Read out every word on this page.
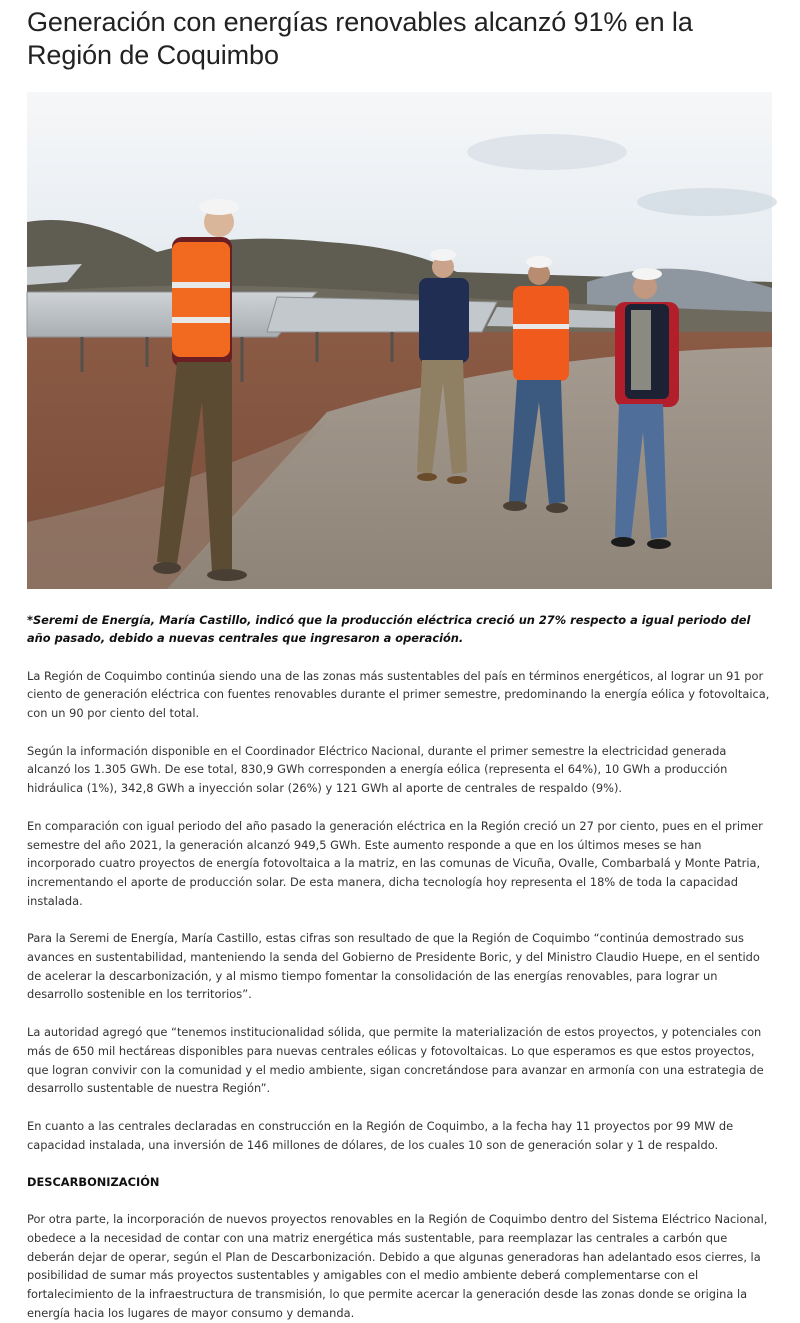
Generación con energías renovables alcanzó 91% en la Región de Coquimbo

*Seremi de Energía, María Castillo, indicó que la producción eléctrica creció un 27% respecto a igual periodo del año pasado, debido a nuevas centrales que ingresaron a operación.

La Región de Coquimbo continúa siendo una de las zonas más sustentables del país en términos energéticos, al lograr un 91 por ciento de generación eléctrica con fuentes renovables durante el primer semestre, predominando la energía eólica y fotovoltaica, con un 90 por ciento del total.

Según la información disponible en el Coordinador Eléctrico Nacional, durante el primer semestre la electricidad generada alcanzó los 1.305 GWh. De ese total, 830,9 GWh corresponden a energía eólica (representa el 64%), 10 GWh a producción hidráulica (1%), 342,8 GWh a inyección solar (26%) y 121 GWh al aporte de centrales de respaldo (9%).

En comparación con igual periodo del año pasado la generación eléctrica en la Región creció un 27 por ciento, pues en el primer semestre del año 2021, la generación alcanzó 949,5 GWh. Este aumento responde a que en los últimos meses se han incorporado cuatro proyectos de energía fotovoltaica a la matriz, en las comunas de Vicuña, Ovalle, Combarbalá y Monte Patria, incrementando el aporte de producción solar. De esta manera, dicha tecnología hoy representa el 18% de toda la capacidad instalada.

Para la Seremi de Energía, María Castillo, estas cifras son resultado de que la Región de Coquimbo “continúa demostrado sus avances en sustentabilidad, manteniendo la senda del Gobierno de Presidente Boric, y del Ministro Claudio Huepe, en el sentido de acelerar la descarbonización, y al mismo tiempo fomentar la consolidación de las energías renovables, para lograr un desarrollo sostenible en los territorios”.

La autoridad agregó que “tenemos institucionalidad sólida, que permite la materialización de estos proyectos, y potenciales con más de 650 mil hectáreas disponibles para nuevas centrales eólicas y fotovoltaicas. Lo que esperamos es que estos proyectos, que logran convivir con la comunidad y el medio ambiente, sigan concretándose para avanzar en armonía con una estrategia de desarrollo sustentable de nuestra Región”.

En cuanto a las centrales declaradas en construcción en la Región de Coquimbo, a la fecha hay 11 proyectos por 99 MW de capacidad instalada, una inversión de 146 millones de dólares, de los cuales 10 son de generación solar y 1 de respaldo.

DESCARBONIZACIÓN

Por otra parte, la incorporación de nuevos proyectos renovables en la Región de Coquimbo dentro del Sistema Eléctrico Nacional, obedece a la necesidad de contar con una matriz energética más sustentable, para reemplazar las centrales a carbón que deberán dejar de operar, según el Plan de Descarbonización. Debido a que algunas generadoras han adelantado esos cierres, la posibilidad de sumar más proyectos sustentables y amigables con el medio ambiente deberá complementarse con el fortalecimiento de la infraestructura de transmisión, lo que permite acercar la generación desde las zonas donde se origina la energía hacia los lugares de mayor consumo y demanda.
